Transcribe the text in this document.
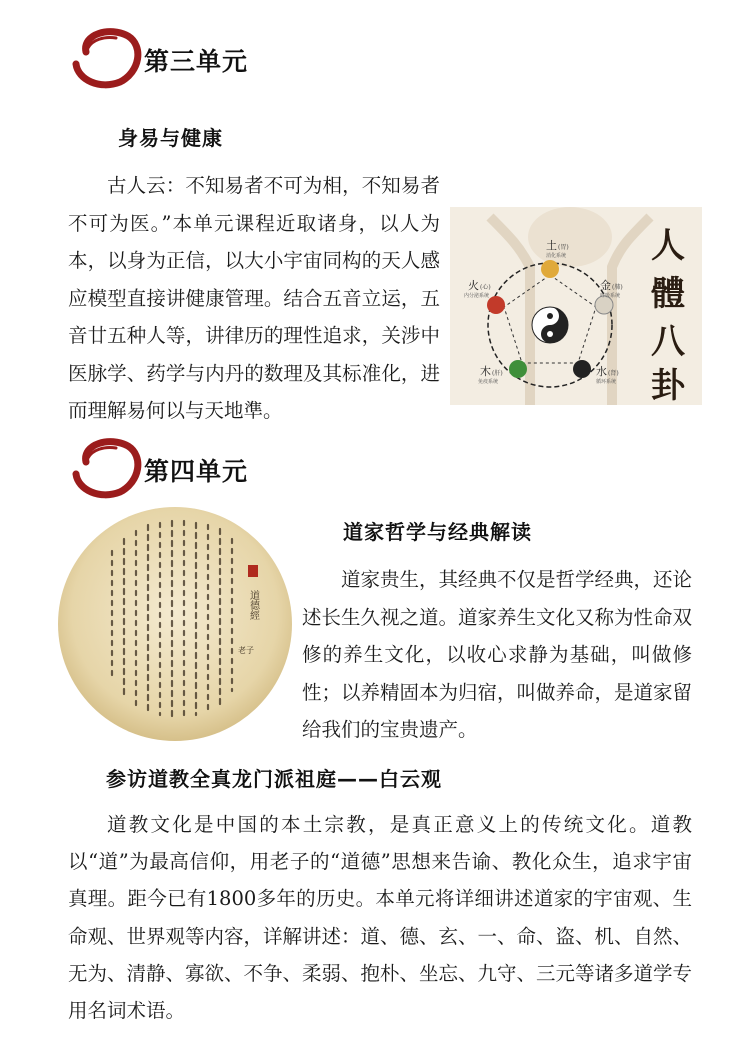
第三单元
身易与健康

古人云：不知易者不可为相，不知易者不可为医。”本单元课程近取诸身，以人为本，以身为正信，以大小宇宙同构的天人感应模型直接讲健康管理。结合五音立运，五音廿五种人等，讲律历的理性追求，关涉中医脉学、药学与内丹的数理及其标准化，进而理解易何以与天地準。

人
體
八
卦
土 (胃)
消化系统
金 (肺)
呼吸系统
火 (心)
内分泌系统
木 (肝)
免疫系统
水 (肾)
循环系统
第四单元
道德經
老子
道家哲学与经典解读

道家贵生，其经典不仅是哲学经典，还论述长生久视之道。道家养生文化又称为性命双修的养生文化，以收心求静为基础，叫做修性；以养精固本为归宿，叫做养命，是道家留给我们的宝贵遗产。

参访道教全真龙门派祖庭——白云观

道教文化是中国的本土宗教，是真正意义上的传统文化。道教以“道”为最高信仰，用老子的“道德”思想来告谕、教化众生，追求宇宙真理。距今已有1800多年的历史。本单元将详细讲述道家的宇宙观、生命观、世界观等内容，详解讲述：道、德、玄、一、命、盗、机、自然、无为、清静、寡欲、不争、柔弱、抱朴、坐忘、九守、三元等诸多道学专用名词术语。
